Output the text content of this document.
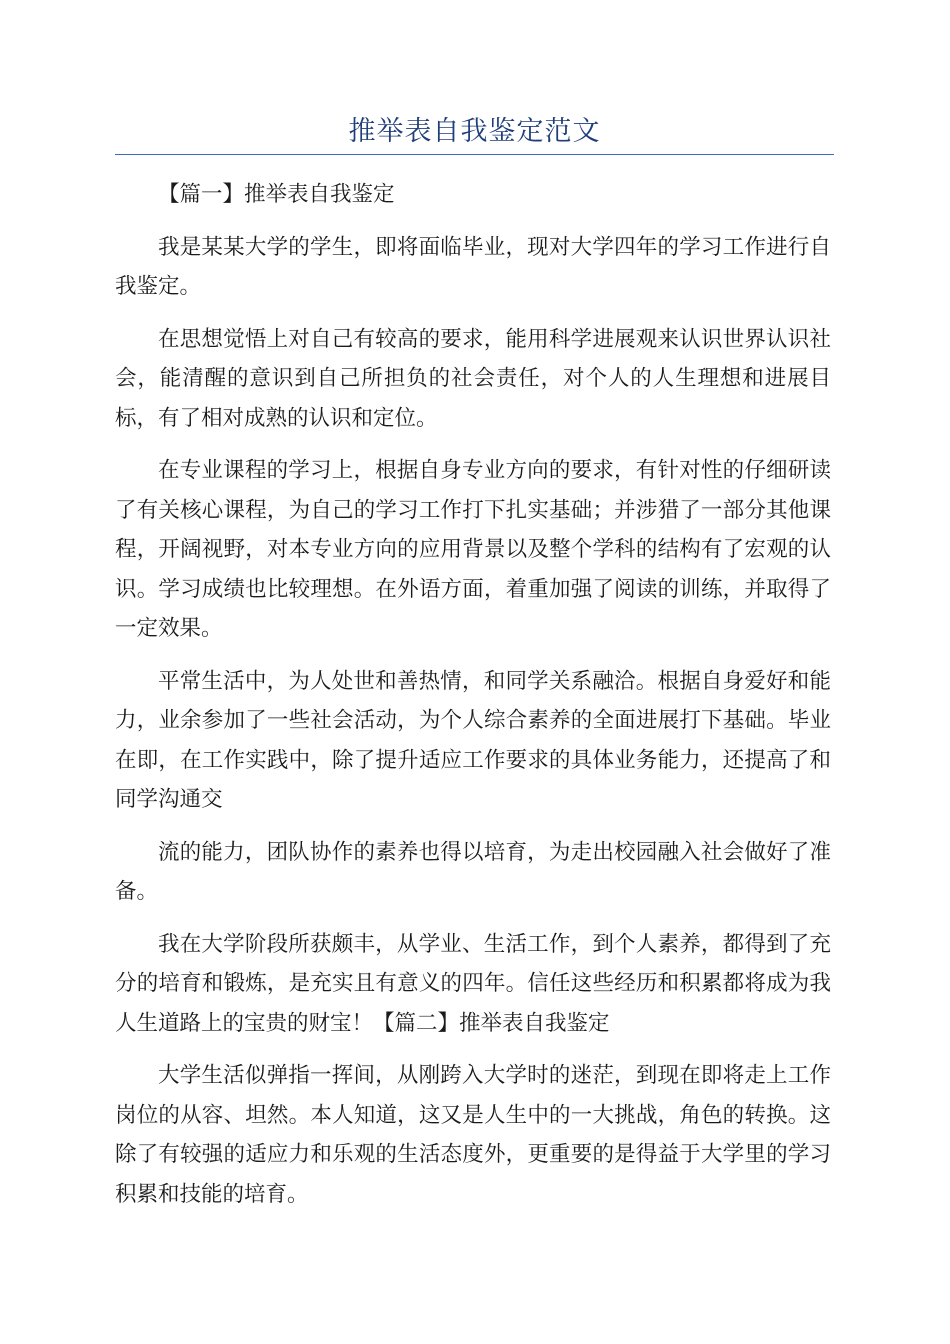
推举表自我鉴定范文

【篇一】推举表自我鉴定

我是某某大学的学生，即将面临毕业，现对大学四年的学习工作进行自我鉴定。

在思想觉悟上对自己有较高的要求，能用科学进展观来认识世界认识社会，能清醒的意识到自己所担负的社会责任，对个人的人生理想和进展目标，有了相对成熟的认识和定位。

在专业课程的学习上，根据自身专业方向的要求，有针对性的仔细研读了有关核心课程，为自己的学习工作打下扎实基础；并涉猎了一部分其他课程，开阔视野，对本专业方向的应用背景以及整个学科的结构有了宏观的认识。学习成绩也比较理想。在外语方面，着重加强了阅读的训练，并取得了一定效果。

平常生活中，为人处世和善热情，和同学关系融洽。根据自身爱好和能力，业余参加了一些社会活动，为个人综合素养的全面进展打下基础。毕业在即，在工作实践中，除了提升适应工作要求的具体业务能力，还提高了和同学沟通交

流的能力，团队协作的素养也得以培育，为走出校园融入社会做好了准备。

我在大学阶段所获颇丰，从学业、生活工作，到个人素养，都得到了充分的培育和锻炼，是充实且有意义的四年。信任这些经历和积累都将成为我人生道路上的宝贵的财宝！【篇二】推举表自我鉴定

大学生活似弹指一挥间，从刚跨入大学时的迷茫，到现在即将走上工作岗位的从容、坦然。本人知道，这又是人生中的一大挑战，角色的转换。这除了有较强的适应力和乐观的生活态度外，更重要的是得益于大学里的学习积累和技能的培育。
